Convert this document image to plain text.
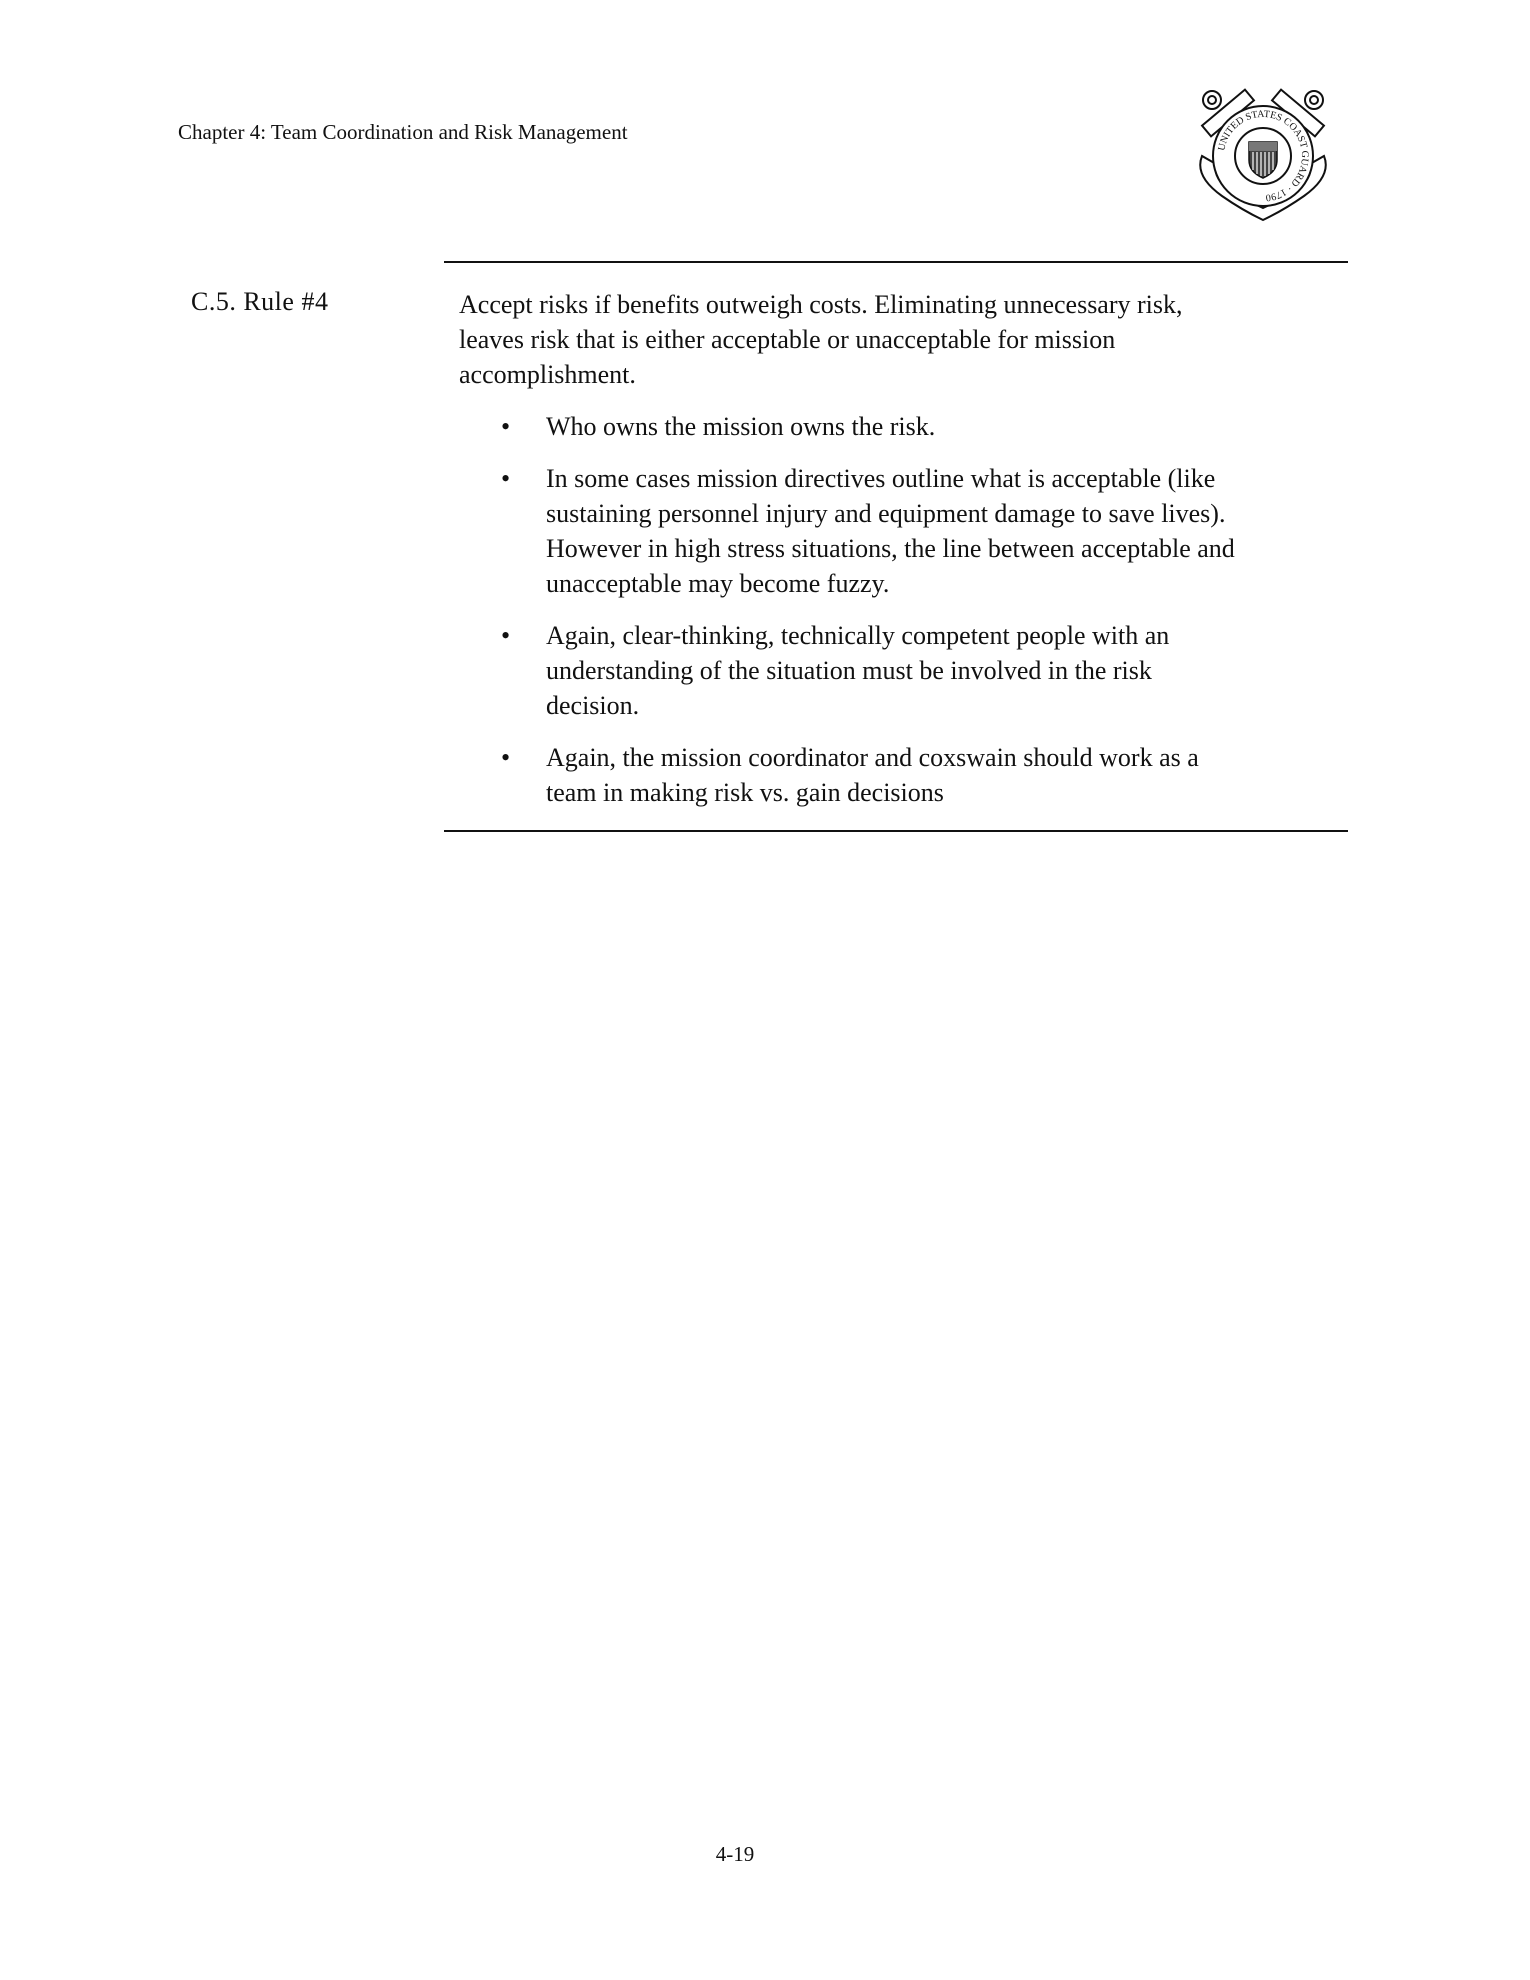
Chapter 4: Team Coordination and Risk Management
UNITED STATES COAST GUARD · 1790
C.5. Rule #4	Accept risks if benefits outweigh costs. Eliminating unnecessary risk,
leaves risk that is either acceptable or unacceptable for mission
accomplishment.
• Who owns the mission owns the risk.
• In some cases mission directives outline what is acceptable (like
sustaining personnel injury and equipment damage to save lives).
However in high stress situations, the line between acceptable and
unacceptable may become fuzzy.
• Again, clear-thinking, technically competent people with an
understanding of the situation must be involved in the risk
decision.
• Again, the mission coordinator and coxswain should work as a
team in making risk vs. gain decisions
4-19
